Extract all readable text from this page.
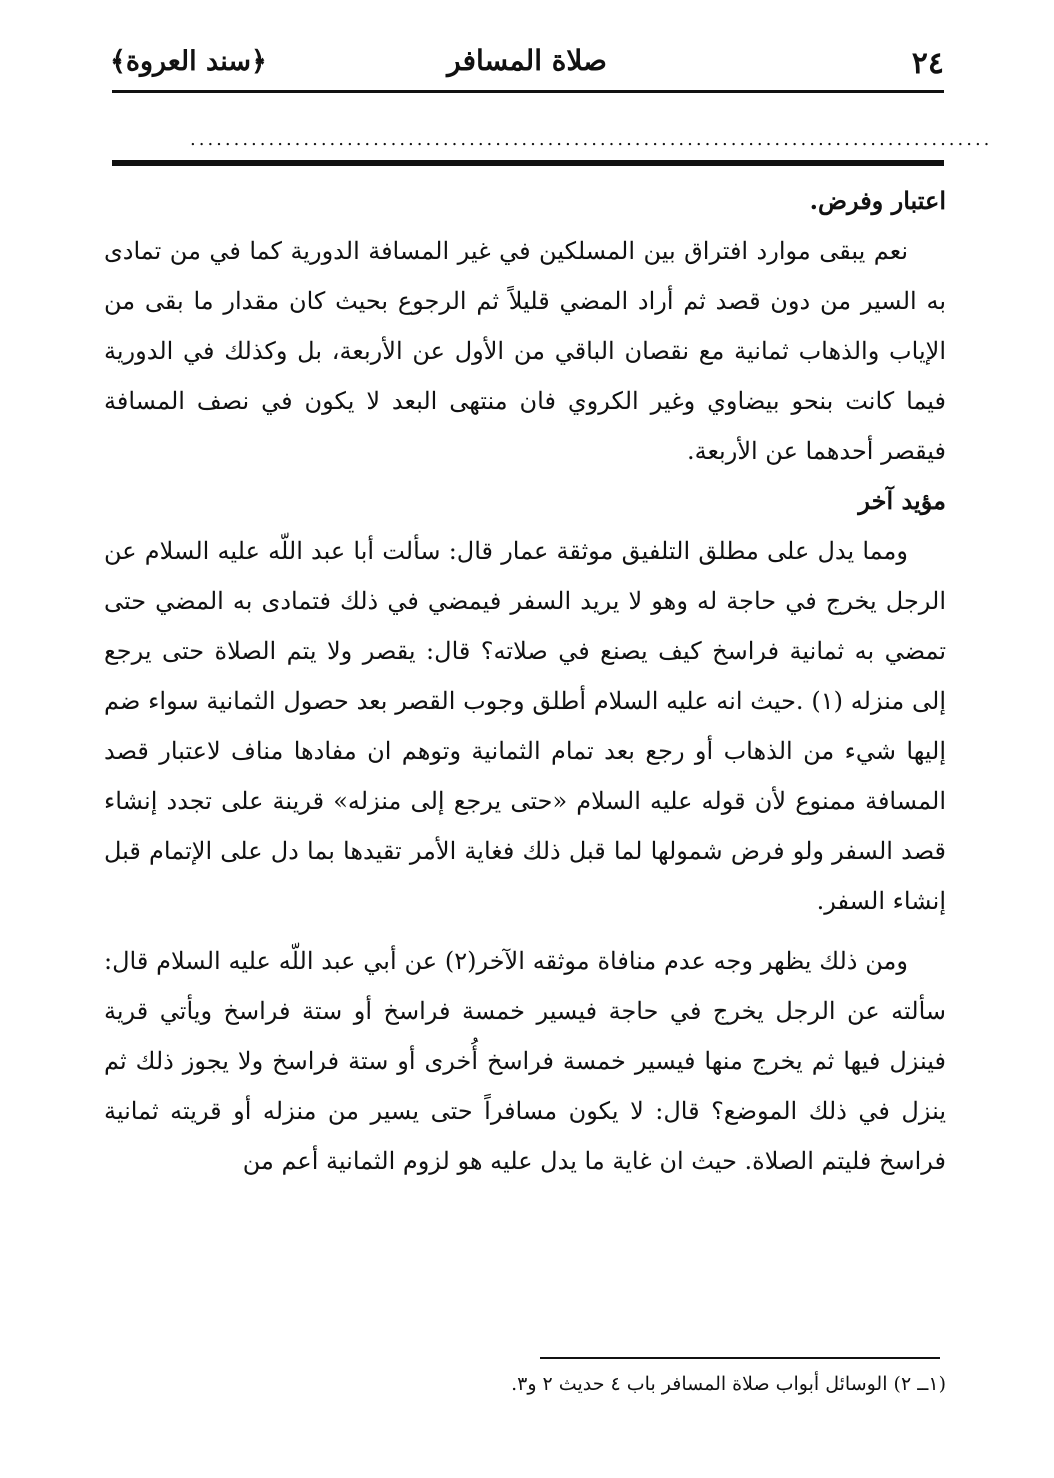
٢٤
صلاة المسافر
﴿سند العروة﴾
............................................................................................

اعتبار وفرض.

نعم يبقى موارد افتراق بين المسلكين في غير المسافة الدورية كما في من تمادى به السير من دون قصد ثم أراد المضي قليلاً ثم الرجوع بحيث كان مقدار ما بقى من الإياب والذهاب ثمانية مع نقصان الباقي من الأول عن الأربعة، بل وكذلك في الدورية فيما كانت بنحو بيضاوي وغير الكروي فان منتهى البعد لا يكون في نصف المسافة فيقصر أحدهما عن الأربعة.

مؤيد آخر

ومما يدل على مطلق التلفيق موثقة عمار قال: سألت أبا عبد اللّه عليه السلام عن الرجل يخرج في حاجة له وهو لا يريد السفر فيمضي في ذلك فتمادى به المضي حتى تمضي به ثمانية فراسخ كيف يصنع في صلاته؟ قال: يقصر ولا يتم الصلاة حتى يرجع إلى منزله (١) .حيث انه عليه السلام أطلق وجوب القصر بعد حصول الثمانية سواء ضم إليها شيء من الذهاب أو رجع بعد تمام الثمانية وتوهم ان مفادها مناف لاعتبار قصد المسافة ممنوع لأن قوله عليه السلام «حتى يرجع إلى منزله» قرينة على تجدد إنشاء قصد السفر ولو فرض شمولها لما قبل ذلك فغاية الأمر تقيدها بما دل على الإتمام قبل إنشاء السفر.

ومن ذلك يظهر وجه عدم منافاة موثقه الآخر(٢) عن أبي عبد اللّه عليه السلام قال: سألته عن الرجل يخرج في حاجة فيسير خمسة فراسخ أو ستة فراسخ ويأتي قرية فينزل فيها ثم يخرج منها فيسير خمسة فراسخ أُخرى أو ستة فراسخ ولا يجوز ذلك ثم ينزل في ذلك الموضع؟ قال: لا يكون مسافراً حتى يسير من منزله أو قريته ثمانية فراسخ فليتم الصلاة. حيث ان غاية ما يدل عليه هو لزوم الثمانية أعم من

(١ــ ٢) الوسائل أبواب صلاة المسافر باب ٤ حديث ٢ و٣.
